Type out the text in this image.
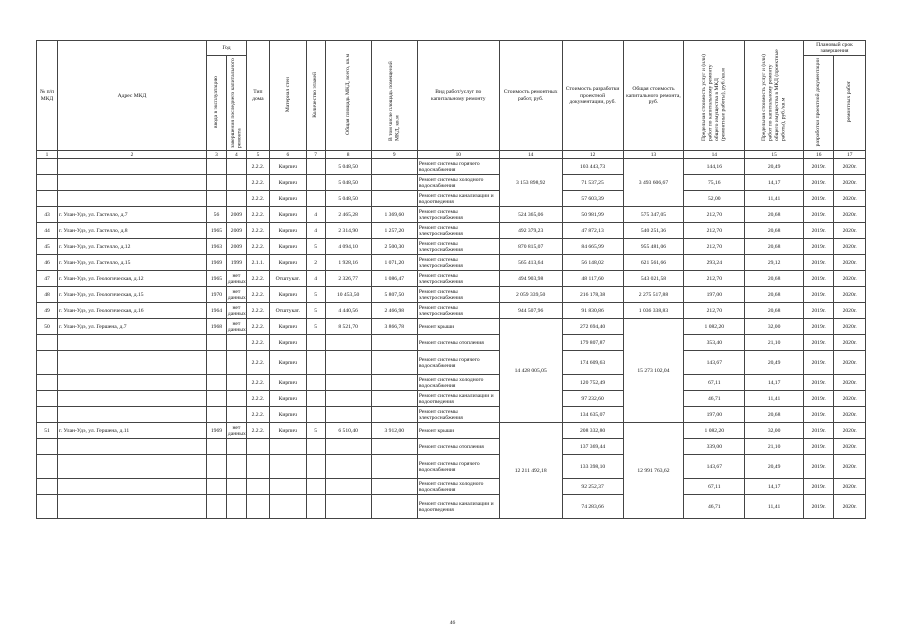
№ п/п МКД	Адрес МКД	Год		Тип дома	Материал стен	Количество этажей	Общая площадь МКД, всего, кв.м	В том числе площадь помещений МКД, кв.м	Вид работ/услуг по капитальному ремонту	Стоимость ремонтных работ, руб.	Стоимость разработки проектной документации, руб.	Общая стоимость капитального ремонта, руб.	Предельная стоимость услуг и (или) работ по капитальному ремонту общего имущества в МКД (ремонтные работы), руб./кв.м	Предельная стоимость услуг и (или) работ по капитальному ремонту общего имущества в МКД (проектные работы), руб./кв.м	Плановый срок завершения	
		ввода в эксплуатацию	завершения последнего капитального ремонта												разработки проектной документации	ремонтных работ
1	2	3	4	5	6	7	8	9	10	14	12	13	14	15	16	17
				2.2.2.	Кирпич		5 048,50		Ремонт системы горячего водоснабжения	3 153 898,92	103 443,73	3 493 606,67	144,16	20,49	2019г.	2020г.
				2.2.2.	Кирпич		5 048,50		Ремонт системы холодного водоснабжения		71 537,25		75,16	14,17	2019г.	2020г.
				2.2.2.	Кирпич		5 048,50		Ремонт системы канализации и водоотведения		57 603,39		52,00	11,41	2019г.	2020г.
43	г. Улан-Удэ, ул. Гастелло, д.7	56	2009	2.2.2.	Кирпич	4	2 465,28	1 369,60	Ремонт системы электроснабжения	524 365,06	50 981,99	575 347,05	212,70	20,68	2019г.	2020г.
44	г. Улан-Удэ, ул. Гастелло, д.8	1965	2009	2.2.2.	Кирпич	4	2 314,90	1 257,20	Ремонт системы электроснабжения	492 379,23	47 872,13	540 251,36	212,70	20,68	2019г.	2020г.
45	г. Улан-Удэ, ул. Гастелло, д.12	1963	2009	2.2.2.	Кирпич	5	4 094,10	2 500,30	Ремонт системы электроснабжения	870 815,07	84 665,99	955 481,06	212,70	20,68	2019г.	2020г.
46	г. Улан-Удэ, ул. Гастелло, д.15	1969	1999	2.1.1.	Кирпич	2	1 928,16	1 071,20	Ремонт системы электроснабжения	565 413,64	56 148,02	621 561,66	293,24	29,12	2019г.	2020г.
47	г. Улан-Удэ, ул. Геологическая, д.12	1965	нет данных	2.2.2.	Отштукат.	4	2 326,77	1 086,47	Ремонт системы электроснабжения	494 903,98	48 117,60	543 021,58	212,70	20,68	2019г.	2020г.
48	г. Улан-Удэ, ул. Геологическая, д.15	1970	нет данных	2.2.2.	Кирпич	5	10 453,50	5 807,50	Ремонт системы электроснабжения	2 059 339,50	216 178,38	2 275 517,88	197,00	20,68	2019г.	2020г.
49	г. Улан-Удэ, ул. Геологическая, д.16	1964	нет данных	2.2.2.	Отштукат.	5	4 440,56	2 466,98	Ремонт системы электроснабжения	944 507,96	91 830,86	1 036 338,83	212,70	20,68	2019г.	2020г.
50	г. Улан-Удэ, ул. Гершена, д.7	1968	нет данных	2.2.2.	Кирпич	5	8 521,70	3 866,78	Ремонт крыши	14 428 005,05	272 694,40	15 273 102,04	1 082,20	32,00	2019г.	2020г.
				2.2.2.	Кирпич				Ремонт системы отопления		179 807,87		353,40	21,10	2019г.	2020г.
				2.2.2.	Кирпич				Ремонт системы горячего водоснабжения		174 609,63		143,67	20,49	2019г.	2020г.
				2.2.2.	Кирпич				Ремонт системы холодного водоснабжения		120 752,49		67,11	14,17	2019г.	2020г.
				2.2.2.	Кирпич				Ремонт системы канализации и водоотведения		97 232,60		46,71	11,41	2019г.	2020г.
				2.2.2.	Кирпич				Ремонт системы электроснабжения		134 635,07		197,00	20,68	2019г.	2020г.
51	г. Улан-Удэ, ул. Гершена, д.11	1969	нет данных	2.2.2.	Кирпич	5	6 510,40	3 912,00	Ремонт крыши	12 211 492,18	208 332,80	12 991 763,62	1 082,20	32,00	2019г.	2020г.
									Ремонт системы отопления		137 369,44		339,00	21,10	2019г.	2020г.
									Ремонт системы горячего водоснабжения		133 398,10		143,67	20,49	2019г.	2020г.
									Ремонт системы холодного водоснабжения		92 252,37		67,11	14,17	2019г.	2020г.
									Ремонт системы канализации и водоотведения		74 283,66		46,71	11,41	2019г.	2020г.
46
